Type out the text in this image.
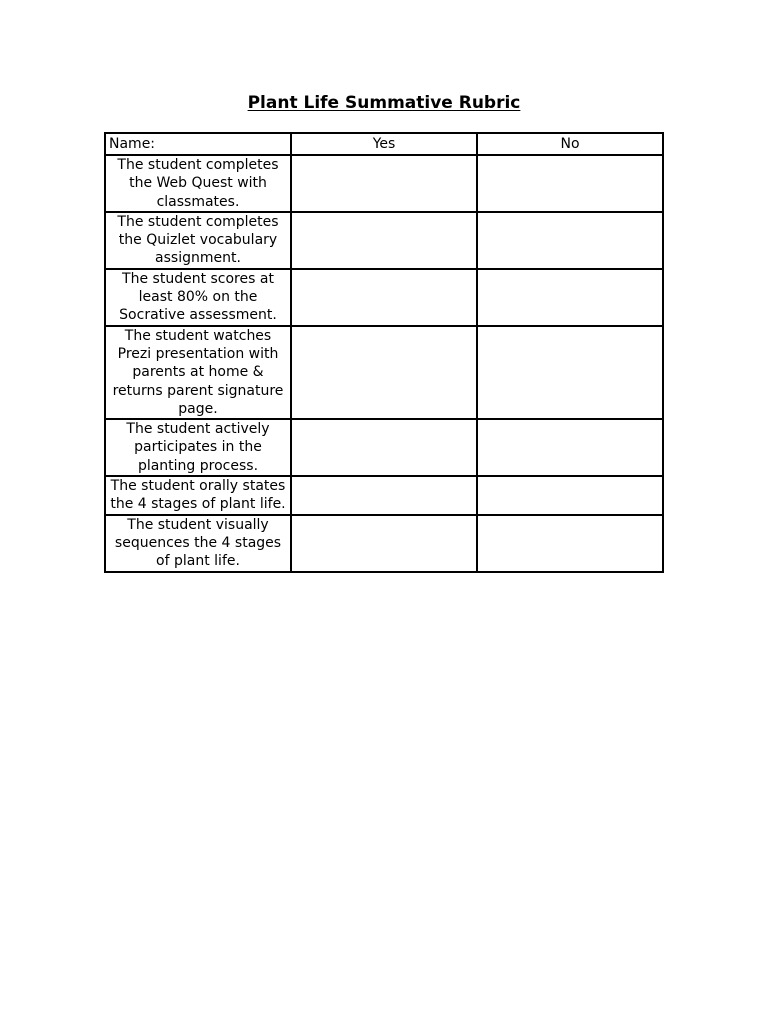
Plant Life Summative Rubric
Name:	Yes	No
The student completes the Web Quest with classmates.		
The student completes the Quizlet vocabulary assignment.		
The student scores at least 80% on the Socrative assessment.		
The student watches Prezi presentation with parents at home & returns parent signature page.		
The student actively participates in the planting process.		
The student orally states the 4 stages of plant life.		
The student visually sequences the 4 stages of plant life.		
